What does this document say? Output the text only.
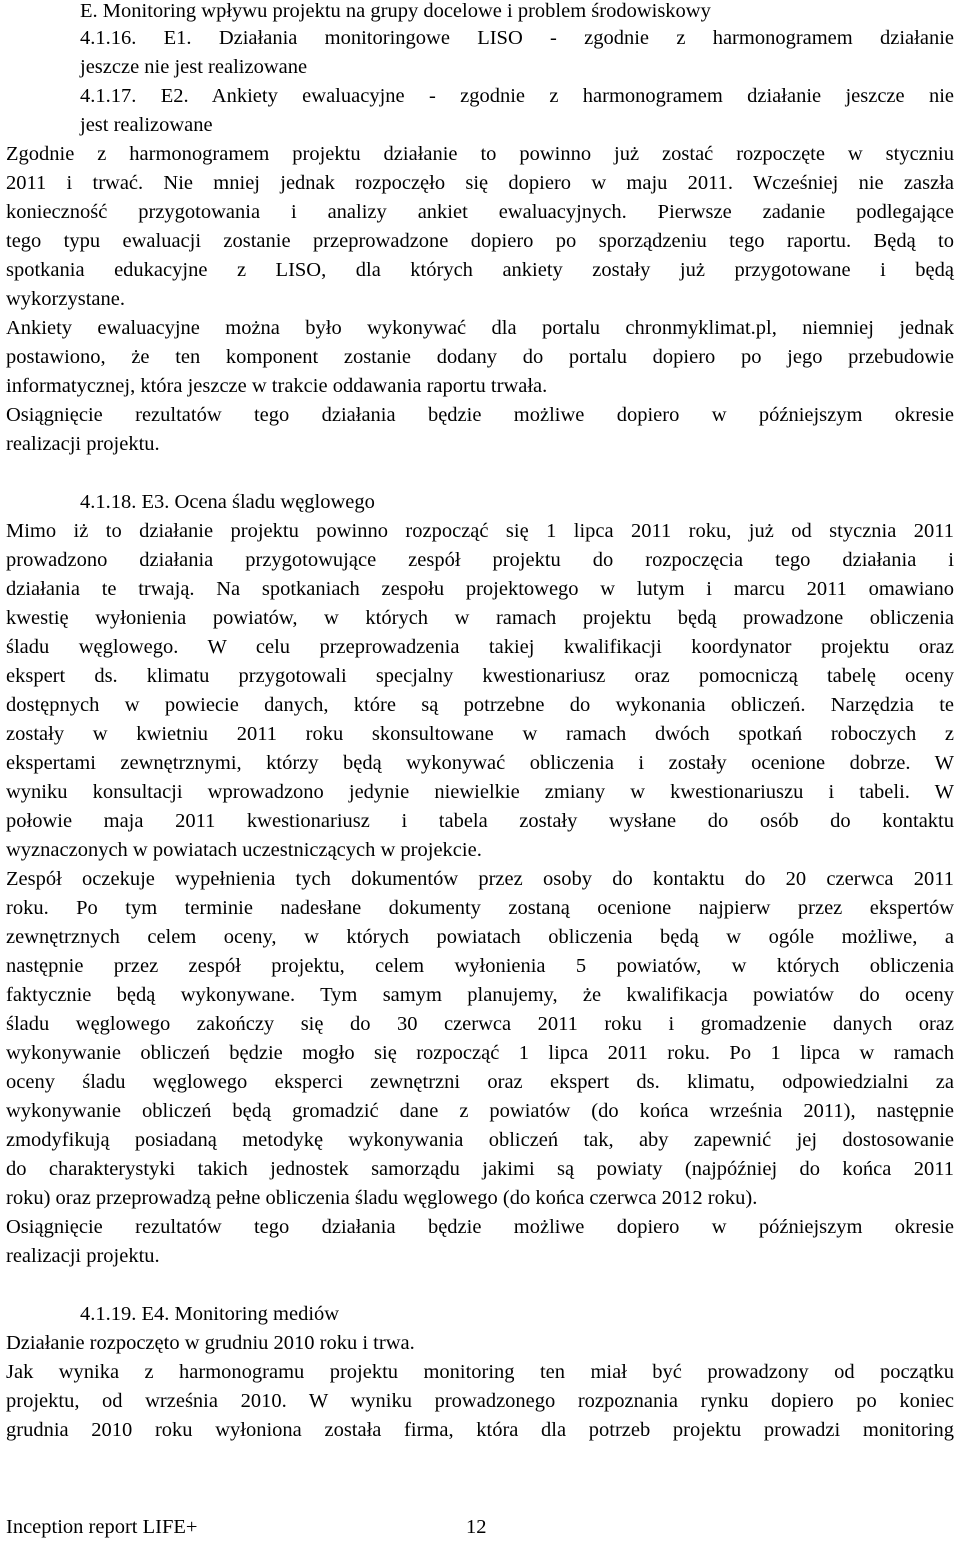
E. Monitoring wpływu projektu na grupy docelowe i problem środowiskowy
4.1.16. E1. Działania monitoringowe LISO - zgodnie z harmonogramem działanie
jeszcze nie jest realizowane
4.1.17. E2. Ankiety ewaluacyjne - zgodnie z harmonogramem działanie jeszcze nie
jest realizowane
Zgodnie z harmonogramem projektu działanie to powinno już zostać rozpoczęte w styczniu
2011 i trwać. Nie mniej jednak rozpoczęło się dopiero w maju 2011. Wcześniej nie zaszła
konieczność przygotowania i analizy ankiet ewaluacyjnych. Pierwsze zadanie podlegające
tego typu ewaluacji zostanie przeprowadzone dopiero po sporządzeniu tego raportu. Będą to
spotkania edukacyjne z LISO, dla których ankiety zostały już przygotowane i będą
wykorzystane.
Ankiety ewaluacyjne można było wykonywać dla portalu chronmyklimat.pl, niemniej jednak
postawiono, że ten komponent zostanie dodany do portalu dopiero po jego przebudowie
informatycznej, która jeszcze w trakcie oddawania raportu trwała.
Osiągnięcie rezultatów tego działania będzie możliwe dopiero w późniejszym okresie
realizacji projektu.
4.1.18. E3. Ocena śladu węglowego
Mimo iż to działanie projektu powinno rozpocząć się 1 lipca 2011 roku, już od stycznia 2011
prowadzono działania przygotowujące zespół projektu do rozpoczęcia tego działania i
działania te trwają. Na spotkaniach zespołu projektowego w lutym i marcu 2011 omawiano
kwestię wyłonienia powiatów, w których w ramach projektu będą prowadzone obliczenia
śladu węglowego. W celu przeprowadzenia takiej kwalifikacji koordynator projektu oraz
ekspert ds. klimatu przygotowali specjalny kwestionariusz oraz pomocniczą tabelę oceny
dostępnych w powiecie danych, które są potrzebne do wykonania obliczeń. Narzędzia te
zostały w kwietniu 2011 roku skonsultowane w ramach dwóch spotkań roboczych z
ekspertami zewnętrznymi, którzy będą wykonywać obliczenia i zostały ocenione dobrze. W
wyniku konsultacji wprowadzono jedynie niewielkie zmiany w kwestionariuszu i tabeli. W
połowie maja 2011 kwestionariusz i tabela zostały wysłane do osób do kontaktu
wyznaczonych w powiatach uczestniczących w projekcie.
Zespół oczekuje wypełnienia tych dokumentów przez osoby do kontaktu do 20 czerwca 2011
roku. Po tym terminie nadesłane dokumenty zostaną ocenione najpierw przez ekspertów
zewnętrznych celem oceny, w których powiatach obliczenia będą w ogóle możliwe, a
następnie przez zespół projektu, celem wyłonienia 5 powiatów, w których obliczenia
faktycznie będą wykonywane. Tym samym planujemy, że kwalifikacja powiatów do oceny
śladu węglowego zakończy się do 30 czerwca 2011 roku i gromadzenie danych oraz
wykonywanie obliczeń będzie mogło się rozpocząć 1 lipca 2011 roku. Po 1 lipca w ramach
oceny śladu węglowego eksperci zewnętrzni oraz ekspert ds. klimatu, odpowiedzialni za
wykonywanie obliczeń będą gromadzić dane z powiatów (do końca września 2011), następnie
zmodyfikują posiadaną metodykę wykonywania obliczeń tak, aby zapewnić jej dostosowanie
do charakterystyki takich jednostek samorządu jakimi są powiaty (najpóźniej do końca 2011
roku) oraz przeprowadzą pełne obliczenia śladu węglowego (do końca czerwca 2012 roku).
Osiągnięcie rezultatów tego działania będzie możliwe dopiero w późniejszym okresie
realizacji projektu.
4.1.19. E4. Monitoring mediów
Działanie rozpoczęto w grudniu 2010 roku i trwa.
Jak wynika z harmonogramu projektu monitoring ten miał być prowadzony od początku
projektu, od września 2010. W wyniku prowadzonego rozpoznania rynku dopiero po koniec
grudnia 2010 roku wyłoniona została firma, która dla potrzeb projektu prowadzi monitoring
Inception report LIFE+	12
